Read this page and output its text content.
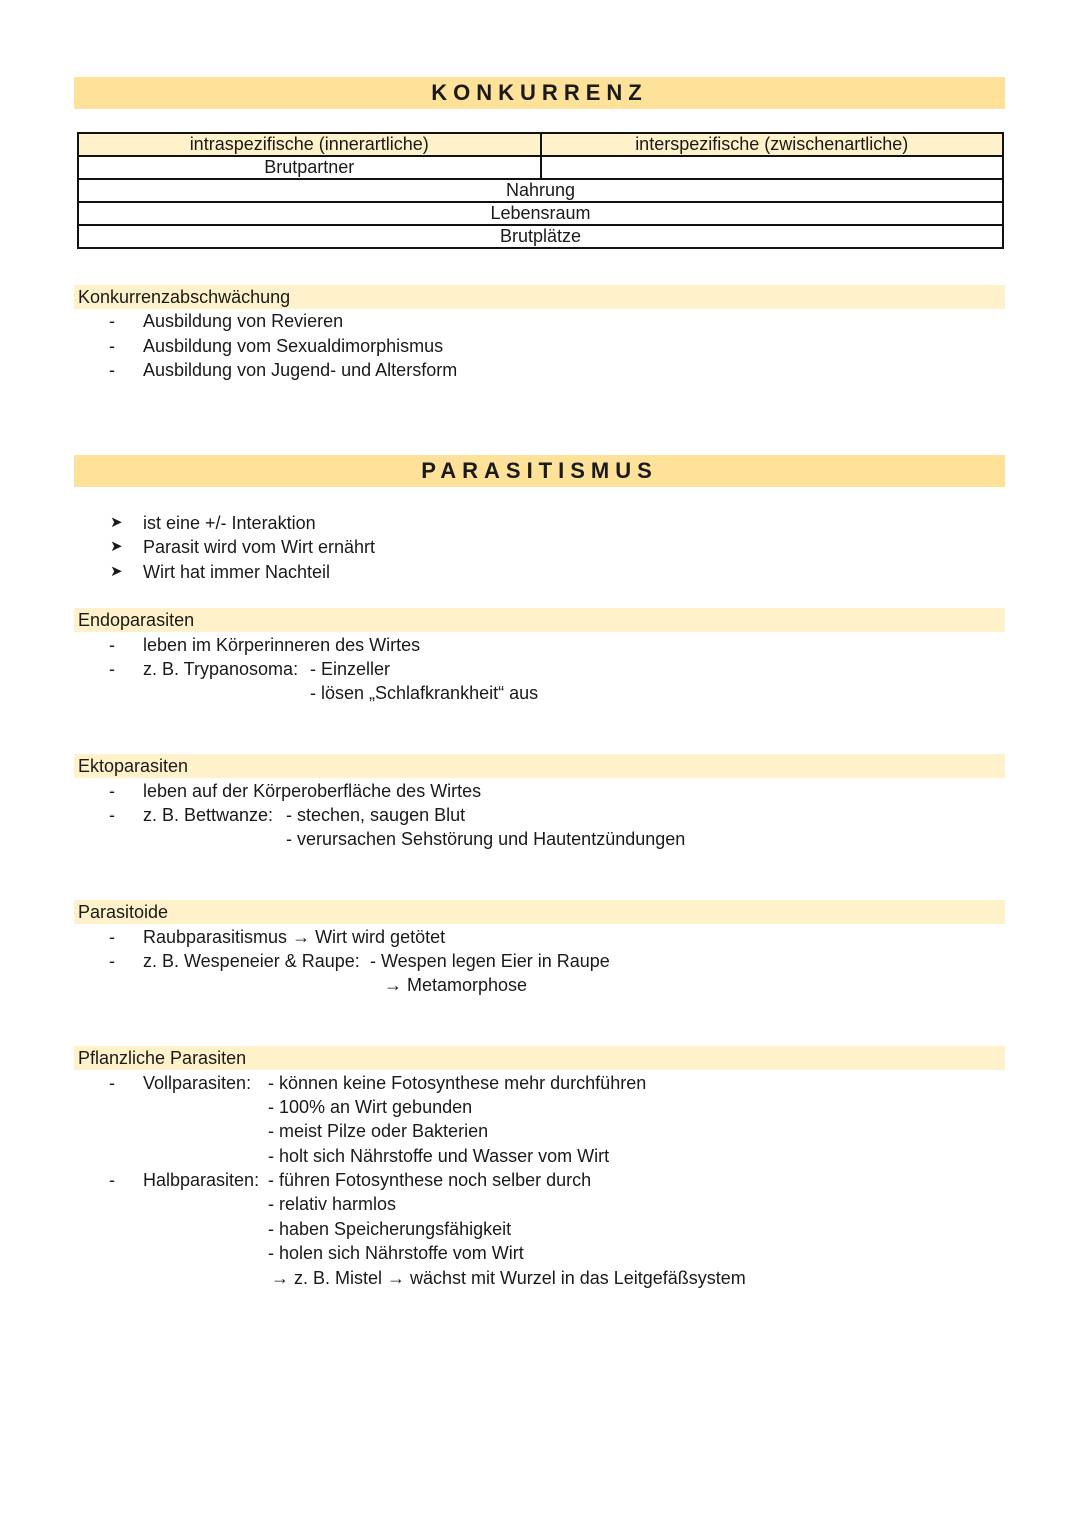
KONKURRENZ
intraspezifische (innerartliche)	interspezifische (zwischenartliche)
Brutpartner	
Nahrung	
Lebensraum	
Brutplätze	
Konkurrenzabschwächung
- Ausbildung von Revieren
- Ausbildung vom Sexualdimorphismus
- Ausbildung von Jugend- und Altersform
PARASITISMUS
➤ ist eine +/- Interaktion
➤ Parasit wird vom Wirt ernährt
➤ Wirt hat immer Nachteil
Endoparasiten
- leben im Körperinneren des Wirtes
- z. B. Trypanosoma: - Einzeller
- lösen „Schlafkrankheit“ aus
Ektoparasiten
- leben auf der Körperoberfläche des Wirtes
- z. B. Bettwanze: - stechen, saugen Blut
- verursachen Sehstörung und Hautentzündungen
Parasitoide
- Raubparasitismus → Wirt wird getötet
- z. B. Wespeneier & Raupe: - Wespen legen Eier in Raupe
→ Metamorphose
Pflanzliche Parasiten
- Vollparasiten: - können keine Fotosynthese mehr durchführen
- 100% an Wirt gebunden
- meist Pilze oder Bakterien
- holt sich Nährstoffe und Wasser vom Wirt
- Halbparasiten: - führen Fotosynthese noch selber durch
- relativ harmlos
- haben Speicherungsfähigkeit
- holen sich Nährstoffe vom Wirt
→ z. B. Mistel → wächst mit Wurzel in das Leitgefäßsystem
